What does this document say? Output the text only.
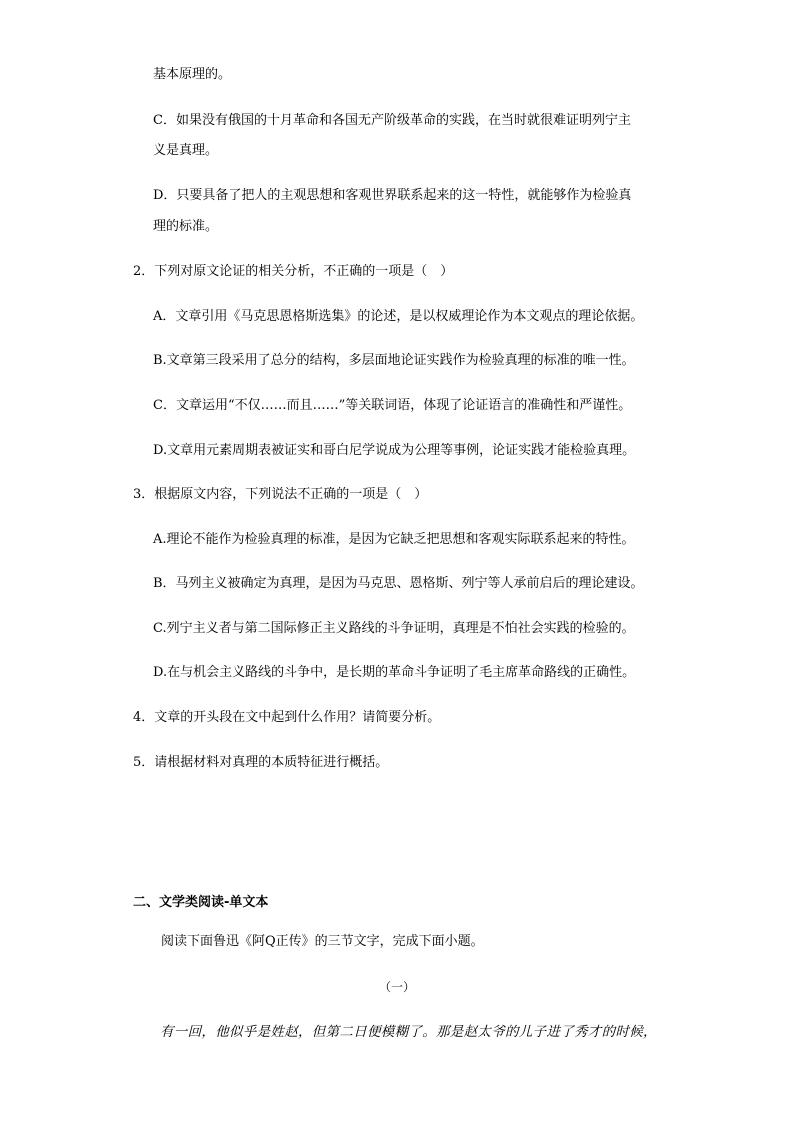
基本原理的。
C．如果没有俄国的十月革命和各国无产阶级革命的实践，在当时就很难证明列宁主
义是真理。
D．只要具备了把人的主观思想和客观世界联系起来的这一特性，就能够作为检验真
理的标准。
2．下列对原文论证的相关分析，不正确的一项是（　）
A．文章引用《马克思恩格斯选集》的论述，是以权威理论作为本文观点的理论依据。
B.文章第三段采用了总分的结构，多层面地论证实践作为检验真理的标准的唯一性。
C．文章运用“不仅……而且……”等关联词语，体现了论证语言的准确性和严谨性。
D.文章用元素周期表被证实和哥白尼学说成为公理等事例，论证实践才能检验真理。
3．根据原文内容，下列说法不正确的一项是（　）
A.理论不能作为检验真理的标准，是因为它缺乏把思想和客观实际联系起来的特性。
B．马列主义被确定为真理，是因为马克思、恩格斯、列宁等人承前启后的理论建设。
C.列宁主义者与第二国际修正主义路线的斗争证明，真理是不怕社会实践的检验的。
D.在与机会主义路线的斗争中，是长期的革命斗争证明了毛主席革命路线的正确性。
4．文章的开头段在文中起到什么作用？请简要分析。
5．请根据材料对真理的本质特征进行概括。
二、文学类阅读-单文本
阅读下面鲁迅《阿Q正传》的三节文字，完成下面小题。
（一）
有一回，他似乎是姓赵，但第二日便模糊了。那是赵太爷的儿子进了秀才的时候，
